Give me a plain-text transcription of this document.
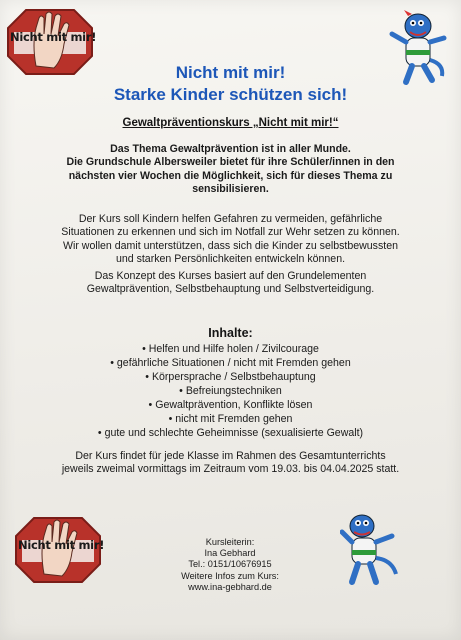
Nicht mit mir!
Nicht mit mir!
Starke Kinder schützen sich!
Gewaltpräventionskurs „Nicht mit mir!“
Das Thema Gewaltprävention ist in aller Munde.
Die Grundschule Albersweiler bietet für ihre Schüler/innen in den
nächsten vier Wochen die Möglichkeit, sich für dieses Thema zu
sensibilisieren.
Der Kurs soll Kindern helfen Gefahren zu vermeiden, gefährliche
Situationen zu erkennen und sich im Notfall zur Wehr setzen zu können.
Wir wollen damit unterstützen, dass sich die Kinder zu selbstbewussten
und starken Persönlichkeiten entwickeln können.
Das Konzept des Kurses basiert auf den Grundelementen
Gewaltprävention, Selbstbehauptung und Selbstverteidigung.
Inhalte:
• Helfen und Hilfe holen / Zivilcourage
• gefährliche Situationen / nicht mit Fremden gehen
• Körpersprache / Selbstbehauptung
• Befreiungstechniken
• Gewaltprävention, Konflikte lösen
• nicht mit Fremden gehen
• gute und schlechte Geheimnisse (sexualisierte Gewalt)
Der Kurs findet für jede Klasse im Rahmen des Gesamtunterrichts
jeweils zweimal vormittags im Zeitraum vom 19.03. bis 04.04.2025 statt.
Nicht mit mir!	Kursleiterin:
Ina Gebhard
Tel.: 0151/10676915
Weitere Infos zum Kurs:
www.ina-gebhard.de
